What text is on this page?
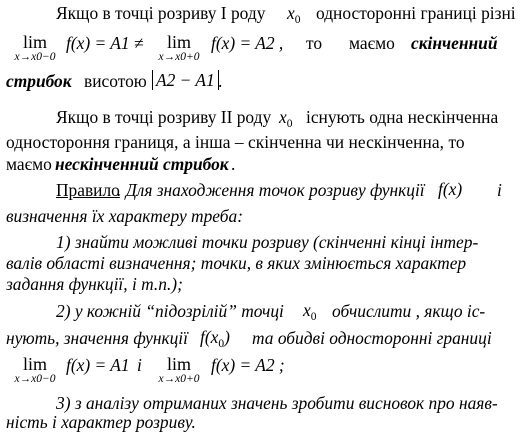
Якщо в точці розриву I роду $x_0$ односторонні границі різні
lim
x→x0−0
f(x) = A1 ≠	lim
x→x0+0
f(x) = A2 , то маємо скінченний
стрибок висотою A2 − A1 .
Якщо в точці розриву II роду $x_0$ існують одна нескінченна
одностороння границя, а інша – скінченна чи нескінченна, то
маємо нескінченний стрибок .
Правило
. Для знаходження точок розриву функції f(x) і
визначення їх характеру треба:
1) знайти можливі точки розриву (скінченні кінці інтер-
валів області визначення; точки, в яких змінюється характер
задання функції, і т.п.);
2) у кожній “підозрілій” точці $x_0$ обчислити , якщо іс-
нують, значення функції $f(x_0)$ та обидві односторонні границі
lim
x→x0−0
f(x) = A1 і	lim
x→x0+0
f(x) = A2 ;
3) з аналізу отриманих значень зробити висновок про наяв-
ність і характер розриву.
